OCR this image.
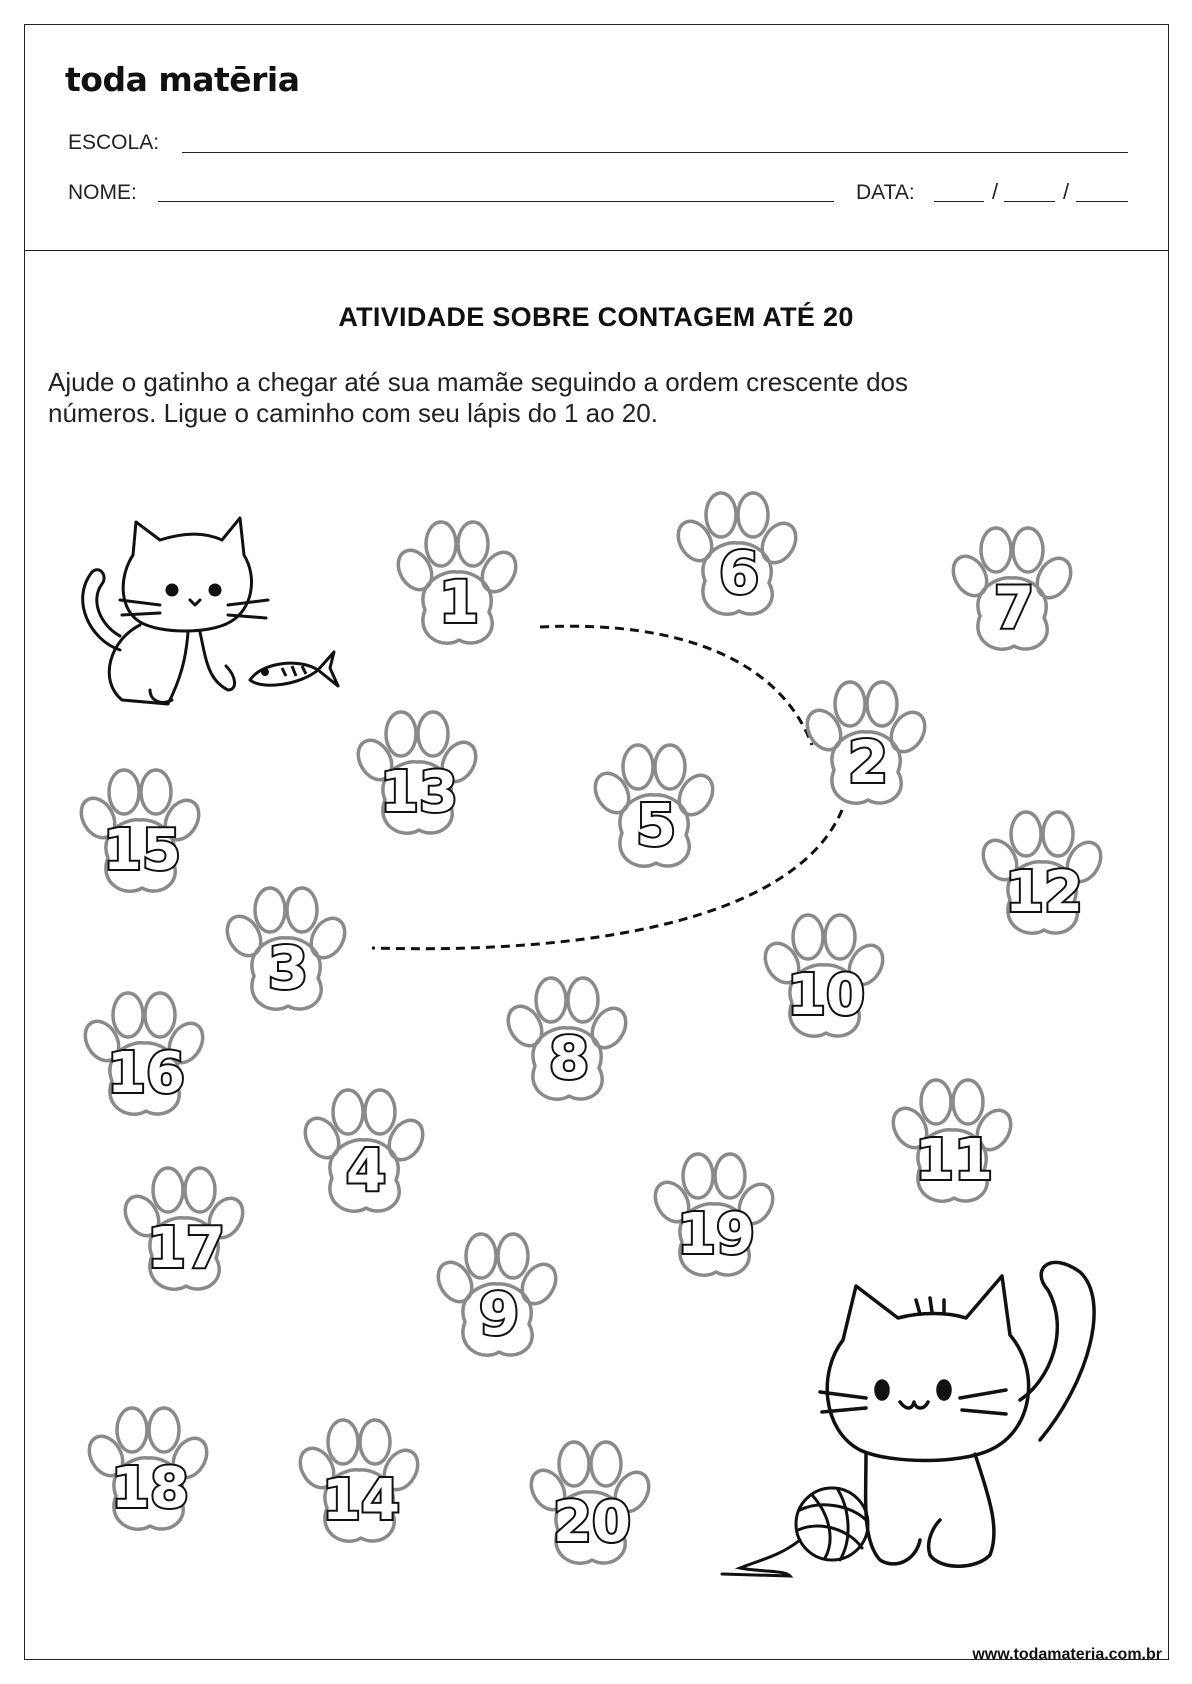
toda matēria
ESCOLA:
NOME:	DATA:	/	/
ATIVIDADE SOBRE CONTAGEM ATÉ 20
Ajude o gatinho a chegar até sua mamãe seguindo a ordem crescente dos
números. Ligue o caminho com seu lápis do 1 ao 20.
1	6
7
2
13	5
15
12
3	10
8
16
11
4
19
17
9
18 14	20
www.todamateria.com.br
